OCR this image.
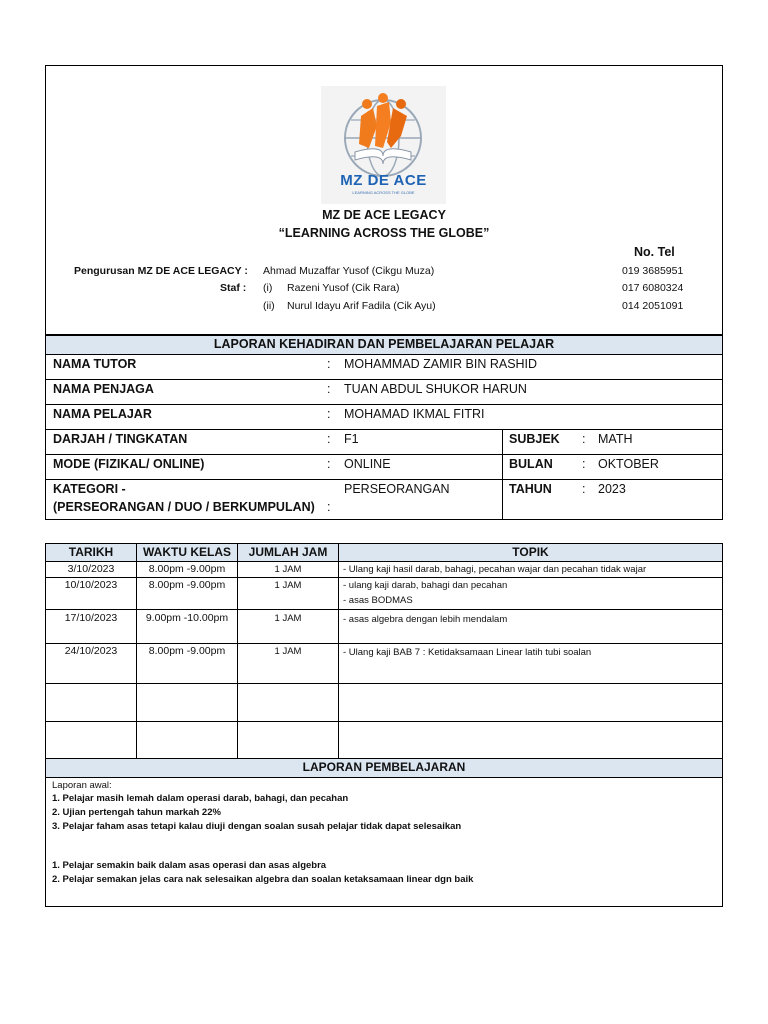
MZ DE ACE
LEARNING ACROSS THE GLOBE
MZ DE ACE LEGACY
“LEARNING ACROSS THE GLOBE”
No. Tel
Pengurusan MZ DE ACE LEGACY : Ahmad Muzaffar Yusof (Cikgu Muza)	019 3685951
Staf : (i) Razeni Yusof (Cik Rara)	017 6080324
(ii) Nurul Idayu Arif Fadila (Cik Ayu)	014 2051091
LAPORAN KEHADIRAN DAN PEMBELAJARAN PELAJAR
NAMA TUTOR	: MOHAMMAD ZAMIR BIN RASHID
NAMA PENJAGA	: TUAN ABDUL SHUKOR HARUN
NAMA PELAJAR	: MOHAMAD IKMAL FITRI
DARJAH / TINGKATAN	: F1	SUBJEK : MATH
MODE (FIZIKAL/ ONLINE)	: ONLINE	BULAN : OKTOBER
KATEGORI -
(PERSEORANGAN / DUO / BERKUMPULAN) :
PERSEORANGAN	TAHUN : 2023
TARIKH	WAKTU KELAS	JUMLAH JAM	TOPIK
3/10/2023	8.00pm -9.00pm	1 JAM	- Ulang kaji hasil darab, bahagi, pecahan wajar dan pecahan tidak wajar
10/10/2023	8.00pm -9.00pm	1 JAM	- ulang kaji darab, bahagi dan pecahan
- asas BODMAS
17/10/2023	9.00pm -10.00pm	1 JAM	- asas algebra dengan lebih mendalam
24/10/2023	8.00pm -9.00pm	1 JAM	- Ulang kaji BAB 7 : Ketidaksamaan Linear latih tubi soalan
LAPORAN PEMBELAJARAN
Laporan awal:
1. Pelajar masih lemah dalam operasi darab, bahagi, dan pecahan
2. Ujian pertengah tahun markah 22%
3. Pelajar faham asas tetapi kalau diuji dengan soalan susah pelajar tidak dapat selesaikan
1. Pelajar semakin baik dalam asas operasi dan asas algebra
2. Pelajar semakan jelas cara nak selesaikan algebra dan soalan ketaksamaan linear dgn baik
